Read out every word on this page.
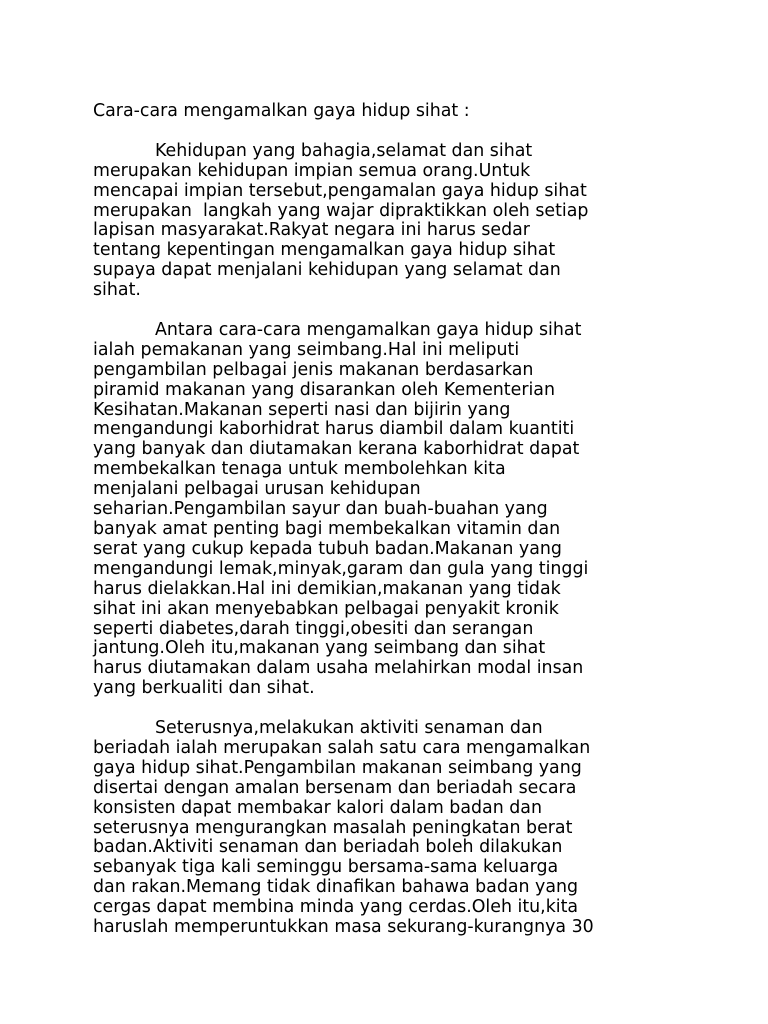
Cara-cara mengamalkan gaya hidup sihat :

Kehidupan yang bahagia,selamat dan sihat
merupakan kehidupan impian semua orang.Untuk
mencapai impian tersebut,pengamalan gaya hidup sihat
merupakan  langkah yang wajar dipraktikkan oleh setiap
lapisan masyarakat.Rakyat negara ini harus sedar
tentang kepentingan mengamalkan gaya hidup sihat
supaya dapat menjalani kehidupan yang selamat dan
sihat.

Antara cara-cara mengamalkan gaya hidup sihat
ialah pemakanan yang seimbang.Hal ini meliputi
pengambilan pelbagai jenis makanan berdasarkan
piramid makanan yang disarankan oleh Kementerian
Kesihatan.Makanan seperti nasi dan bijirin yang
mengandungi kaborhidrat harus diambil dalam kuantiti
yang banyak dan diutamakan kerana kaborhidrat dapat
membekalkan tenaga untuk membolehkan kita
menjalani pelbagai urusan kehidupan
seharian.Pengambilan sayur dan buah-buahan yang
banyak amat penting bagi membekalkan vitamin dan
serat yang cukup kepada tubuh badan.Makanan yang
mengandungi lemak,minyak,garam dan gula yang tinggi
harus dielakkan.Hal ini demikian,makanan yang tidak
sihat ini akan menyebabkan pelbagai penyakit kronik
seperti diabetes,darah tinggi,obesiti dan serangan
jantung.Oleh itu,makanan yang seimbang dan sihat
harus diutamakan dalam usaha melahirkan modal insan
yang berkualiti dan sihat.

Seterusnya,melakukan aktiviti senaman dan
beriadah ialah merupakan salah satu cara mengamalkan
gaya hidup sihat.Pengambilan makanan seimbang yang
disertai dengan amalan bersenam dan beriadah secara
konsisten dapat membakar kalori dalam badan dan
seterusnya mengurangkan masalah peningkatan berat
badan.Aktiviti senaman dan beriadah boleh dilakukan
sebanyak tiga kali seminggu bersama-sama keluarga
dan rakan.Memang tidak dinafikan bahawa badan yang
cergas dapat membina minda yang cerdas.Oleh itu,kita
haruslah memperuntukkan masa sekurang-kurangnya 30
